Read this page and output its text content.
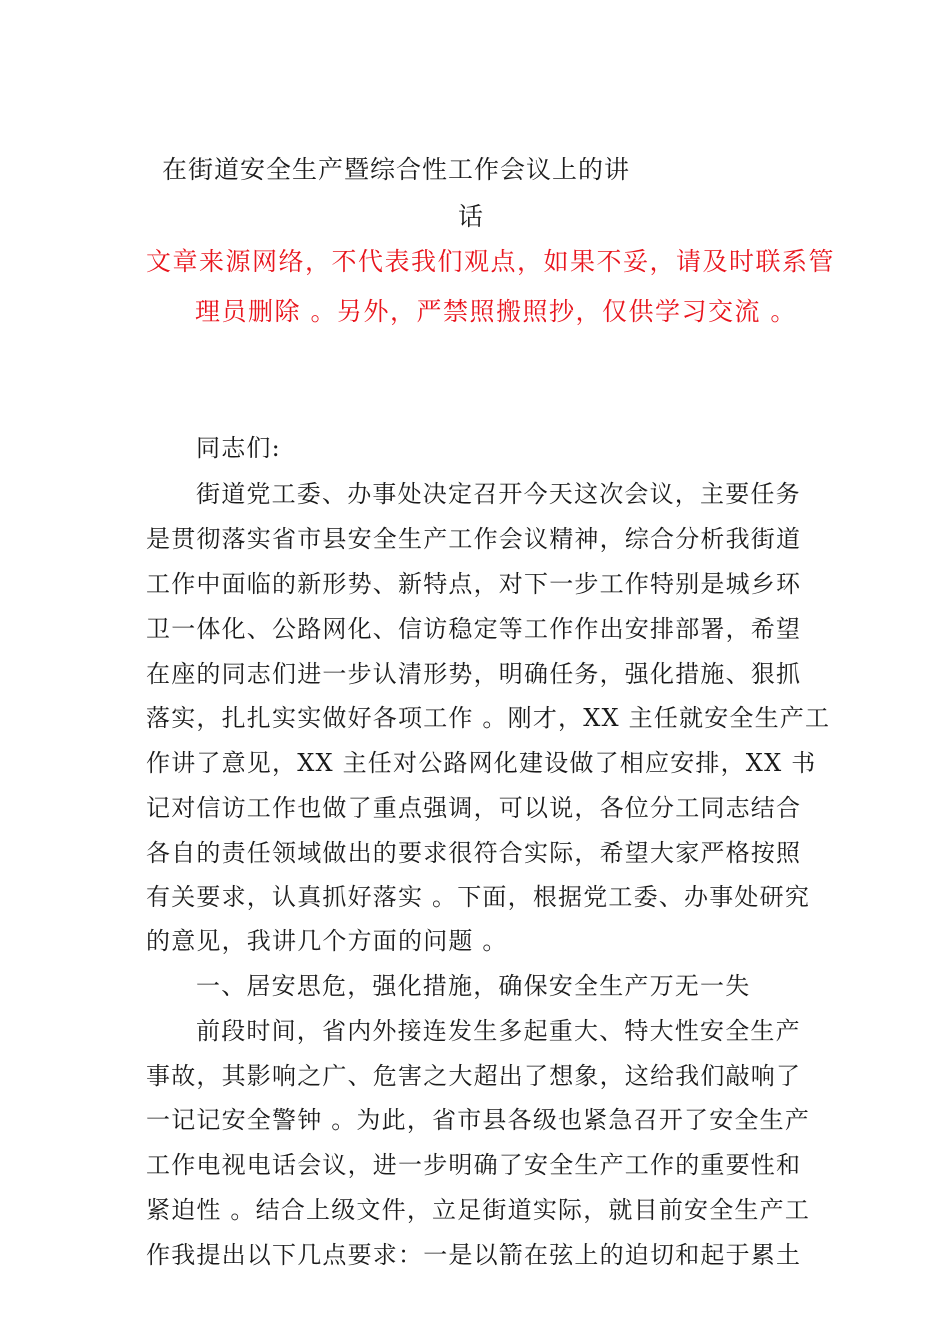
在街道安全生产暨综合性工作会议上的讲
话
文章来源网络，不代表我们观点，如果不妥，请及时联系管
理员删除 。另外，严禁照搬照抄，仅供学习交流 。
同志们:
街道党工委、办事处决定召开今天这次会议，主要任务
是贯彻落实省市县安全生产工作会议精神，综合分析我街道
工作中面临的新形势、新特点，对下一步工作特别是城乡环
卫一体化、公路网化、信访稳定等工作作出安排部署，希望
在座的同志们进一步认清形势，明确任务，强化措施、狠抓
落实，扎扎实实做好各项工作 。刚才，XX 主任就安全生产工
作讲了意见，XX 主任对公路网化建设做了相应安排，XX 书
记对信访工作也做了重点强调，可以说，各位分工同志结合
各自的责任领域做出的要求很符合实际，希望大家严格按照
有关要求，认真抓好落实 。下面，根据党工委、办事处研究
的意见，我讲几个方面的问题 。
一、居安思危，强化措施，确保安全生产万无一失
前段时间，省内外接连发生多起重大、特大性安全生产
事故，其影响之广、危害之大超出了想象，这给我们敲响了
一记记安全警钟 。为此，省市县各级也紧急召开了安全生产
工作电视电话会议，进一步明确了安全生产工作的重要性和
紧迫性 。结合上级文件，立足街道实际，就目前安全生产工
作我提出以下几点要求：一是以箭在弦上的迫切和起于累土
